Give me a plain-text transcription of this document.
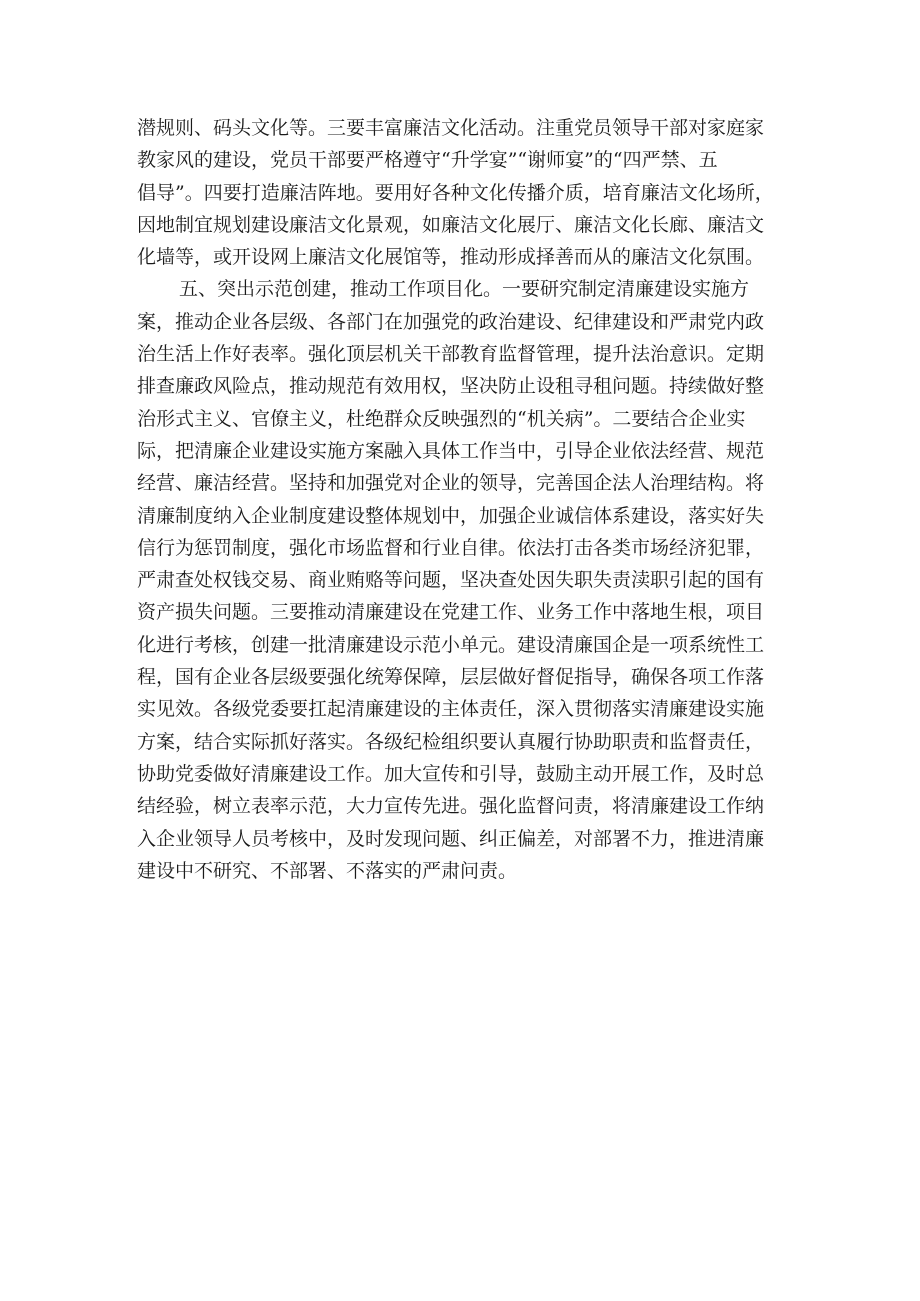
潜规则、码头文化等。三要丰富廉洁文化活动。注重党员领导干部对家庭家
教家风的建设，党员干部要严格遵守“升学宴”“谢师宴”的“四严禁、五
倡导”。四要打造廉洁阵地。要用好各种文化传播介质，培育廉洁文化场所，
因地制宜规划建设廉洁文化景观，如廉洁文化展厅、廉洁文化长廊、廉洁文
化墙等，或开设网上廉洁文化展馆等，推动形成择善而从的廉洁文化氛围。
五、突出示范创建，推动工作项目化。一要研究制定清廉建设实施方
案，推动企业各层级、各部门在加强党的政治建设、纪律建设和严肃党内政
治生活上作好表率。强化顶层机关干部教育监督管理，提升法治意识。定期
排查廉政风险点，推动规范有效用权，坚决防止设租寻租问题。持续做好整
治形式主义、官僚主义，杜绝群众反映强烈的“机关病”。二要结合企业实
际，把清廉企业建设实施方案融入具体工作当中，引导企业依法经营、规范
经营、廉洁经营。坚持和加强党对企业的领导，完善国企法人治理结构。将
清廉制度纳入企业制度建设整体规划中，加强企业诚信体系建设，落实好失
信行为惩罚制度，强化市场监督和行业自律。依法打击各类市场经济犯罪，
严肃查处权钱交易、商业贿赂等问题，坚决查处因失职失责渎职引起的国有
资产损失问题。三要推动清廉建设在党建工作、业务工作中落地生根，项目
化进行考核，创建一批清廉建设示范小单元。建设清廉国企是一项系统性工
程，国有企业各层级要强化统筹保障，层层做好督促指导，确保各项工作落
实见效。各级党委要扛起清廉建设的主体责任，深入贯彻落实清廉建设实施
方案，结合实际抓好落实。各级纪检组织要认真履行协助职责和监督责任，
协助党委做好清廉建设工作。加大宣传和引导，鼓励主动开展工作，及时总
结经验，树立表率示范，大力宣传先进。强化监督问责，将清廉建设工作纳
入企业领导人员考核中，及时发现问题、纠正偏差，对部署不力，推进清廉
建设中不研究、不部署、不落实的严肃问责。
